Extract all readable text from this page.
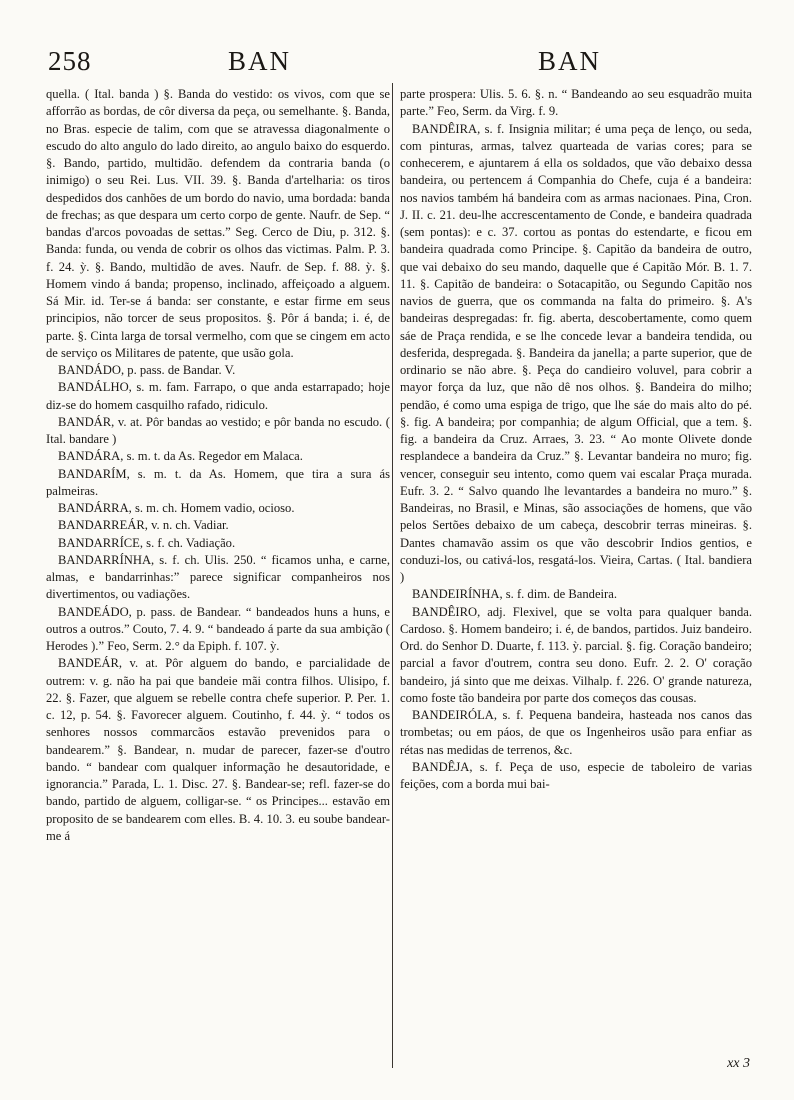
258	BAN	BAN

quella. ( Ital. banda ) §. Banda do vestido: os vivos, com que se afforrão as bordas, de côr diversa da peça, ou semelhante. §. Banda, no Bras. especie de talim, com que se atravessa diagonalmente o escudo do alto angulo do lado direito, ao angulo baixo do esquerdo. §. Bando, partido, multidão. defendem da contraria banda (o inimigo) o seu Rei. Lus. VII. 39. §. Banda d'artelharia: os tiros despedidos dos canhões de um bordo do navio, uma bordada: banda de frechas; as que despara um certo corpo de gente. Naufr. de Sep. “ bandas d'arcos povoadas de settas.” Seg. Cerco de Diu, p. 312. §. Banda: funda, ou venda de cobrir os olhos das victimas. Palm. P. 3. f. 24. ỳ. §. Bando, multidão de aves. Naufr. de Sep. f. 88. ỳ. §. Homem vindo á banda; propenso, inclinado, affeiçoado a alguem. Sá Mir. id. Ter-se á banda: ser constante, e estar firme em seus principios, não torcer de seus propositos. §. Pôr á banda; i. é, de parte. §. Cinta larga de torsal vermelho, com que se cingem em acto de serviço os Militares de patente, que usão gola.

BANDÁDO, p. pass. de Bandar. V.

BANDÁLHO, s. m. fam. Farrapo, o que anda estarrapado; hoje diz-se do homem casquilho rafado, ridiculo.

BANDÁR, v. at. Pôr bandas ao vestido; e pôr banda no escudo. ( Ital. bandare )

BANDÁRA, s. m. t. da As. Regedor em Malaca.

BANDARÍM, s. m. t. da As. Homem, que tira a sura ás palmeiras.

BANDÁRRA, s. m. ch. Homem vadio, ocioso.

BANDARREÁR, v. n. ch. Vadiar.

BANDARRÍCE, s. f. ch. Vadiação.

BANDARRÍNHA, s. f. ch. Ulis. 250. “ ficamos unha, e carne, almas, e bandarrinhas:” parece significar companheiros nos divertimentos, ou vadiações.

BANDEÁDO, p. pass. de Bandear. “ bandeados huns a huns, e outros a outros.” Couto, 7. 4. 9. “ bandeado á parte da sua ambição ( Herodes ).” Feo, Serm. 2.° da Epiph. f. 107. ỳ.

BANDEÁR, v. at. Pôr alguem do bando, e parcialidade de outrem: v. g. não ha pai que bandeie mãi contra filhos. Ulisipo, f. 22. §. Fazer, que alguem se rebelle contra chefe superior. P. Per. 1. c. 12, p. 54. §. Favorecer alguem. Coutinho, f. 44. ỳ. “ todos os senhores nossos commarcãos estavão prevenidos para o bandearem.” §. Bandear, n. mudar de parecer, fazer-se d'outro bando. “ bandear com qualquer informação he desautoridade, e ignorancia.” Parada, L. 1. Disc. 27. §. Bandear-se; refl. fazer-se do bando, partido de alguem, colligar-se. “ os Principes... estavão em proposito de se bandearem com elles. B. 4. 10. 3. eu soube bandear-me á

parte prospera: Ulis. 5. 6. §. n. “ Bandeando ao seu esquadrão muita parte.” Feo, Serm. da Virg. f. 9.

BANDÊIRA, s. f. Insignia militar; é uma peça de lenço, ou seda, com pinturas, armas, talvez quarteada de varias cores; para se conhecerem, e ajuntarem á ella os soldados, que vão debaixo dessa bandeira, ou pertencem á Companhia do Chefe, cuja é a bandeira: nos navios também há bandeira com as armas nacionaes. Pina, Cron. J. II. c. 21. deu-lhe accrescentamento de Conde, e bandeira quadrada (sem pontas): e c. 37. cortou as pontas do estendarte, e ficou em bandeira quadrada como Principe. §. Capitão da bandeira de outro, que vai debaixo do seu mando, daquelle que é Capitão Mór. B. 1. 7. 11. §. Capitão de bandeira: o Sotacapitão, ou Segundo Capitão nos navios de guerra, que os commanda na falta do primeiro. §. A's bandeiras despregadas: fr. fig. aberta, descobertamente, como quem sáe de Praça rendida, e se lhe concede levar a bandeira tendida, ou desferida, despregada. §. Bandeira da janella; a parte superior, que de ordinario se não abre. §. Peça do candieiro voluvel, para cobrir a mayor força da luz, que não dê nos olhos. §. Bandeira do milho; pendão, é como uma espiga de trigo, que lhe sáe do mais alto do pé. §. fig. A bandeira; por companhia; de algum Official, que a tem. §. fig. a bandeira da Cruz. Arraes, 3. 23. “ Ao monte Olivete donde resplandece a bandeira da Cruz.” §. Levantar bandeira no muro; fig. vencer, conseguir seu intento, como quem vai escalar Praça murada. Eufr. 3. 2. “ Salvo quando lhe levantardes a bandeira no muro.” §. Bandeiras, no Brasil, e Minas, são associações de homens, que vão pelos Sertões debaixo de um cabeça, descobrir terras mineiras. §. Dantes chamavão assim os que vão descobrir Indios gentios, e conduzi-los, ou cativá-los, resgatá-los. Vieira, Cartas. ( Ital. bandiera )

BANDEIRÍNHA, s. f. dim. de Bandeira.

BANDÊIRO, adj. Flexivel, que se volta para qualquer banda. Cardoso. §. Homem bandeiro; i. é, de bandos, partidos. Juiz bandeiro. Ord. do Senhor D. Duarte, f. 113. ỳ. parcial. §. fig. Coração bandeiro; parcial a favor d'outrem, contra seu dono. Eufr. 2. 2. O' coração bandeiro, já sinto que me deixas. Vilhalp. f. 226. O' grande natureza, como foste tão bandeira por parte dos começos das cousas.

BANDEIRÓLA, s. f. Pequena bandeira, hasteada nos canos das trombetas; ou em páos, de que os Ingenheiros usão para enfiar as rétas nas medidas de terrenos, &c.

BANDÊJA, s. f. Peça de uso, especie de taboleiro de varias feições, com a borda mui bai-

xx 3
